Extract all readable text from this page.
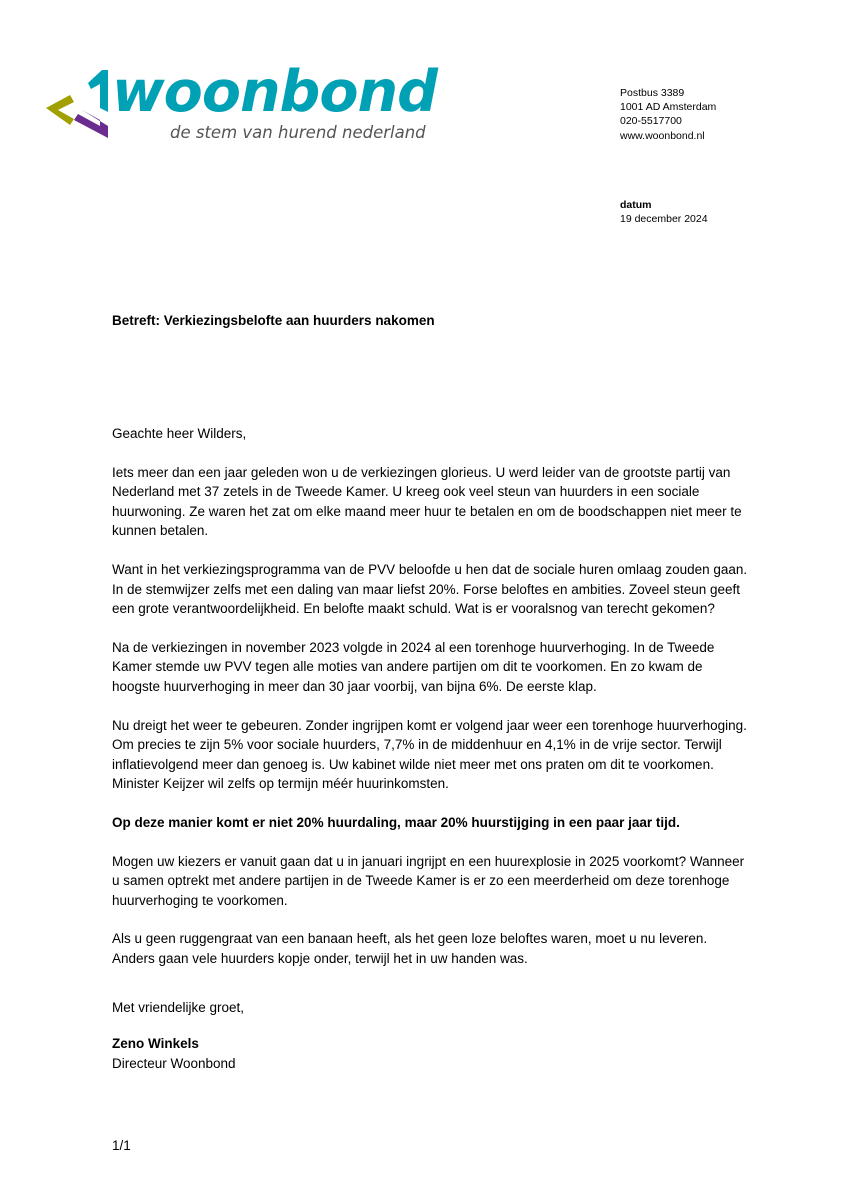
woonbond
de stem van hurend nederland
Postbus 3389
1001 AD Amsterdam
020-5517700
www.woonbond.nl
datum
19 december 2024
Betreft: Verkiezingsbelofte aan huurders nakomen

Geachte heer Wilders,

Iets meer dan een jaar geleden won u de verkiezingen glorieus. U werd leider van de grootste partij van Nederland met 37 zetels in de Tweede Kamer. U kreeg ook veel steun van huurders in een sociale huurwoning. Ze waren het zat om elke maand meer huur te betalen en om de boodschappen niet meer te kunnen betalen.

Want in het verkiezingsprogramma van de PVV beloofde u hen dat de sociale huren omlaag zouden gaan. In de stemwijzer zelfs met een daling van maar liefst 20%. Forse beloftes en ambities. Zoveel steun geeft een grote verantwoordelijkheid. En belofte maakt schuld. Wat is er vooralsnog van terecht gekomen?

Na de verkiezingen in november 2023 volgde in 2024 al een torenhoge huurverhoging. In de Tweede Kamer stemde uw PVV tegen alle moties van andere partijen om dit te voorkomen. En zo kwam de hoogste huurverhoging in meer dan 30 jaar voorbij, van bijna 6%. De eerste klap.

Nu dreigt het weer te gebeuren. Zonder ingrijpen komt er volgend jaar weer een torenhoge huurverhoging. Om precies te zijn 5% voor sociale huurders, 7,7% in de middenhuur en 4,1% in de vrije sector. Terwijl inflatievolgend meer dan genoeg is. Uw kabinet wilde niet meer met ons praten om dit te voorkomen. Minister Keijzer wil zelfs op termijn méér huurinkomsten.

Op deze manier komt er niet 20% huurdaling, maar 20% huurstijging in een paar jaar tijd.

Mogen uw kiezers er vanuit gaan dat u in januari ingrijpt en een huurexplosie in 2025 voorkomt? Wanneer u samen optrekt met andere partijen in de Tweede Kamer is er zo een meerderheid om deze torenhoge huurverhoging te voorkomen.

Als u geen ruggengraat van een banaan heeft, als het geen loze beloftes waren, moet u nu leveren. Anders gaan vele huurders kopje onder, terwijl het in uw handen was.

Met vriendelijke groet,

Zeno Winkels
Directeur Woonbond
1/1
